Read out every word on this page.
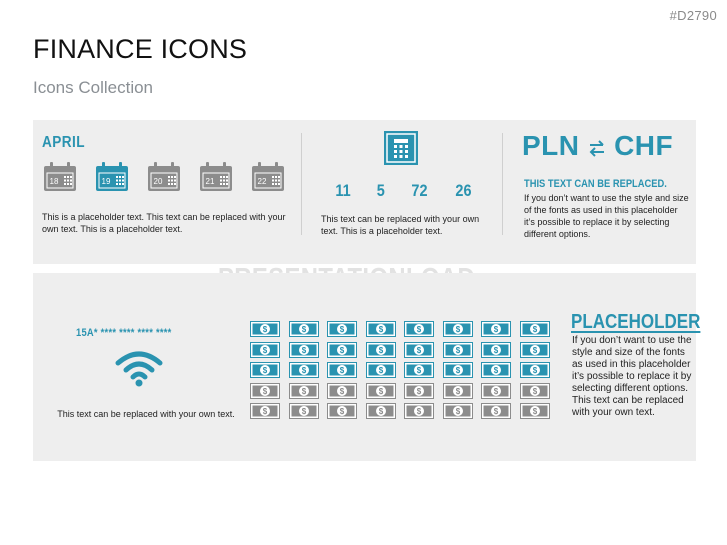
#D2790
FINANCE ICONS
Icons Collection
APRIL
This is a placeholder text. This text can be replaced with your own text. This is a placeholder text.
11 5 72 26
This text can be replaced with your own text. This is a placeholder text.
PLN CHF
THIS TEXT CAN BE REPLACED.
If you don’t want to use the style and size of the fonts as used in this placeholder it’s possible to replace it by selecting different options.
18	19	20	21	22
15A* **** **** **** ****
This text can be replaced with your own text.
PLACEHOLDER
If you don’t want to use the style and size of the fonts as used in this placeholder it’s possible to replace it by selecting different options.
This text can be replaced with your own text.
$	$	$	$	$	$	$	$
$	$	$	$	$	$	$	$
$	$	$	$	$	$	$	$
$	$	$	$	$	$	$	$
$	$	$	$	$	$	$	$
